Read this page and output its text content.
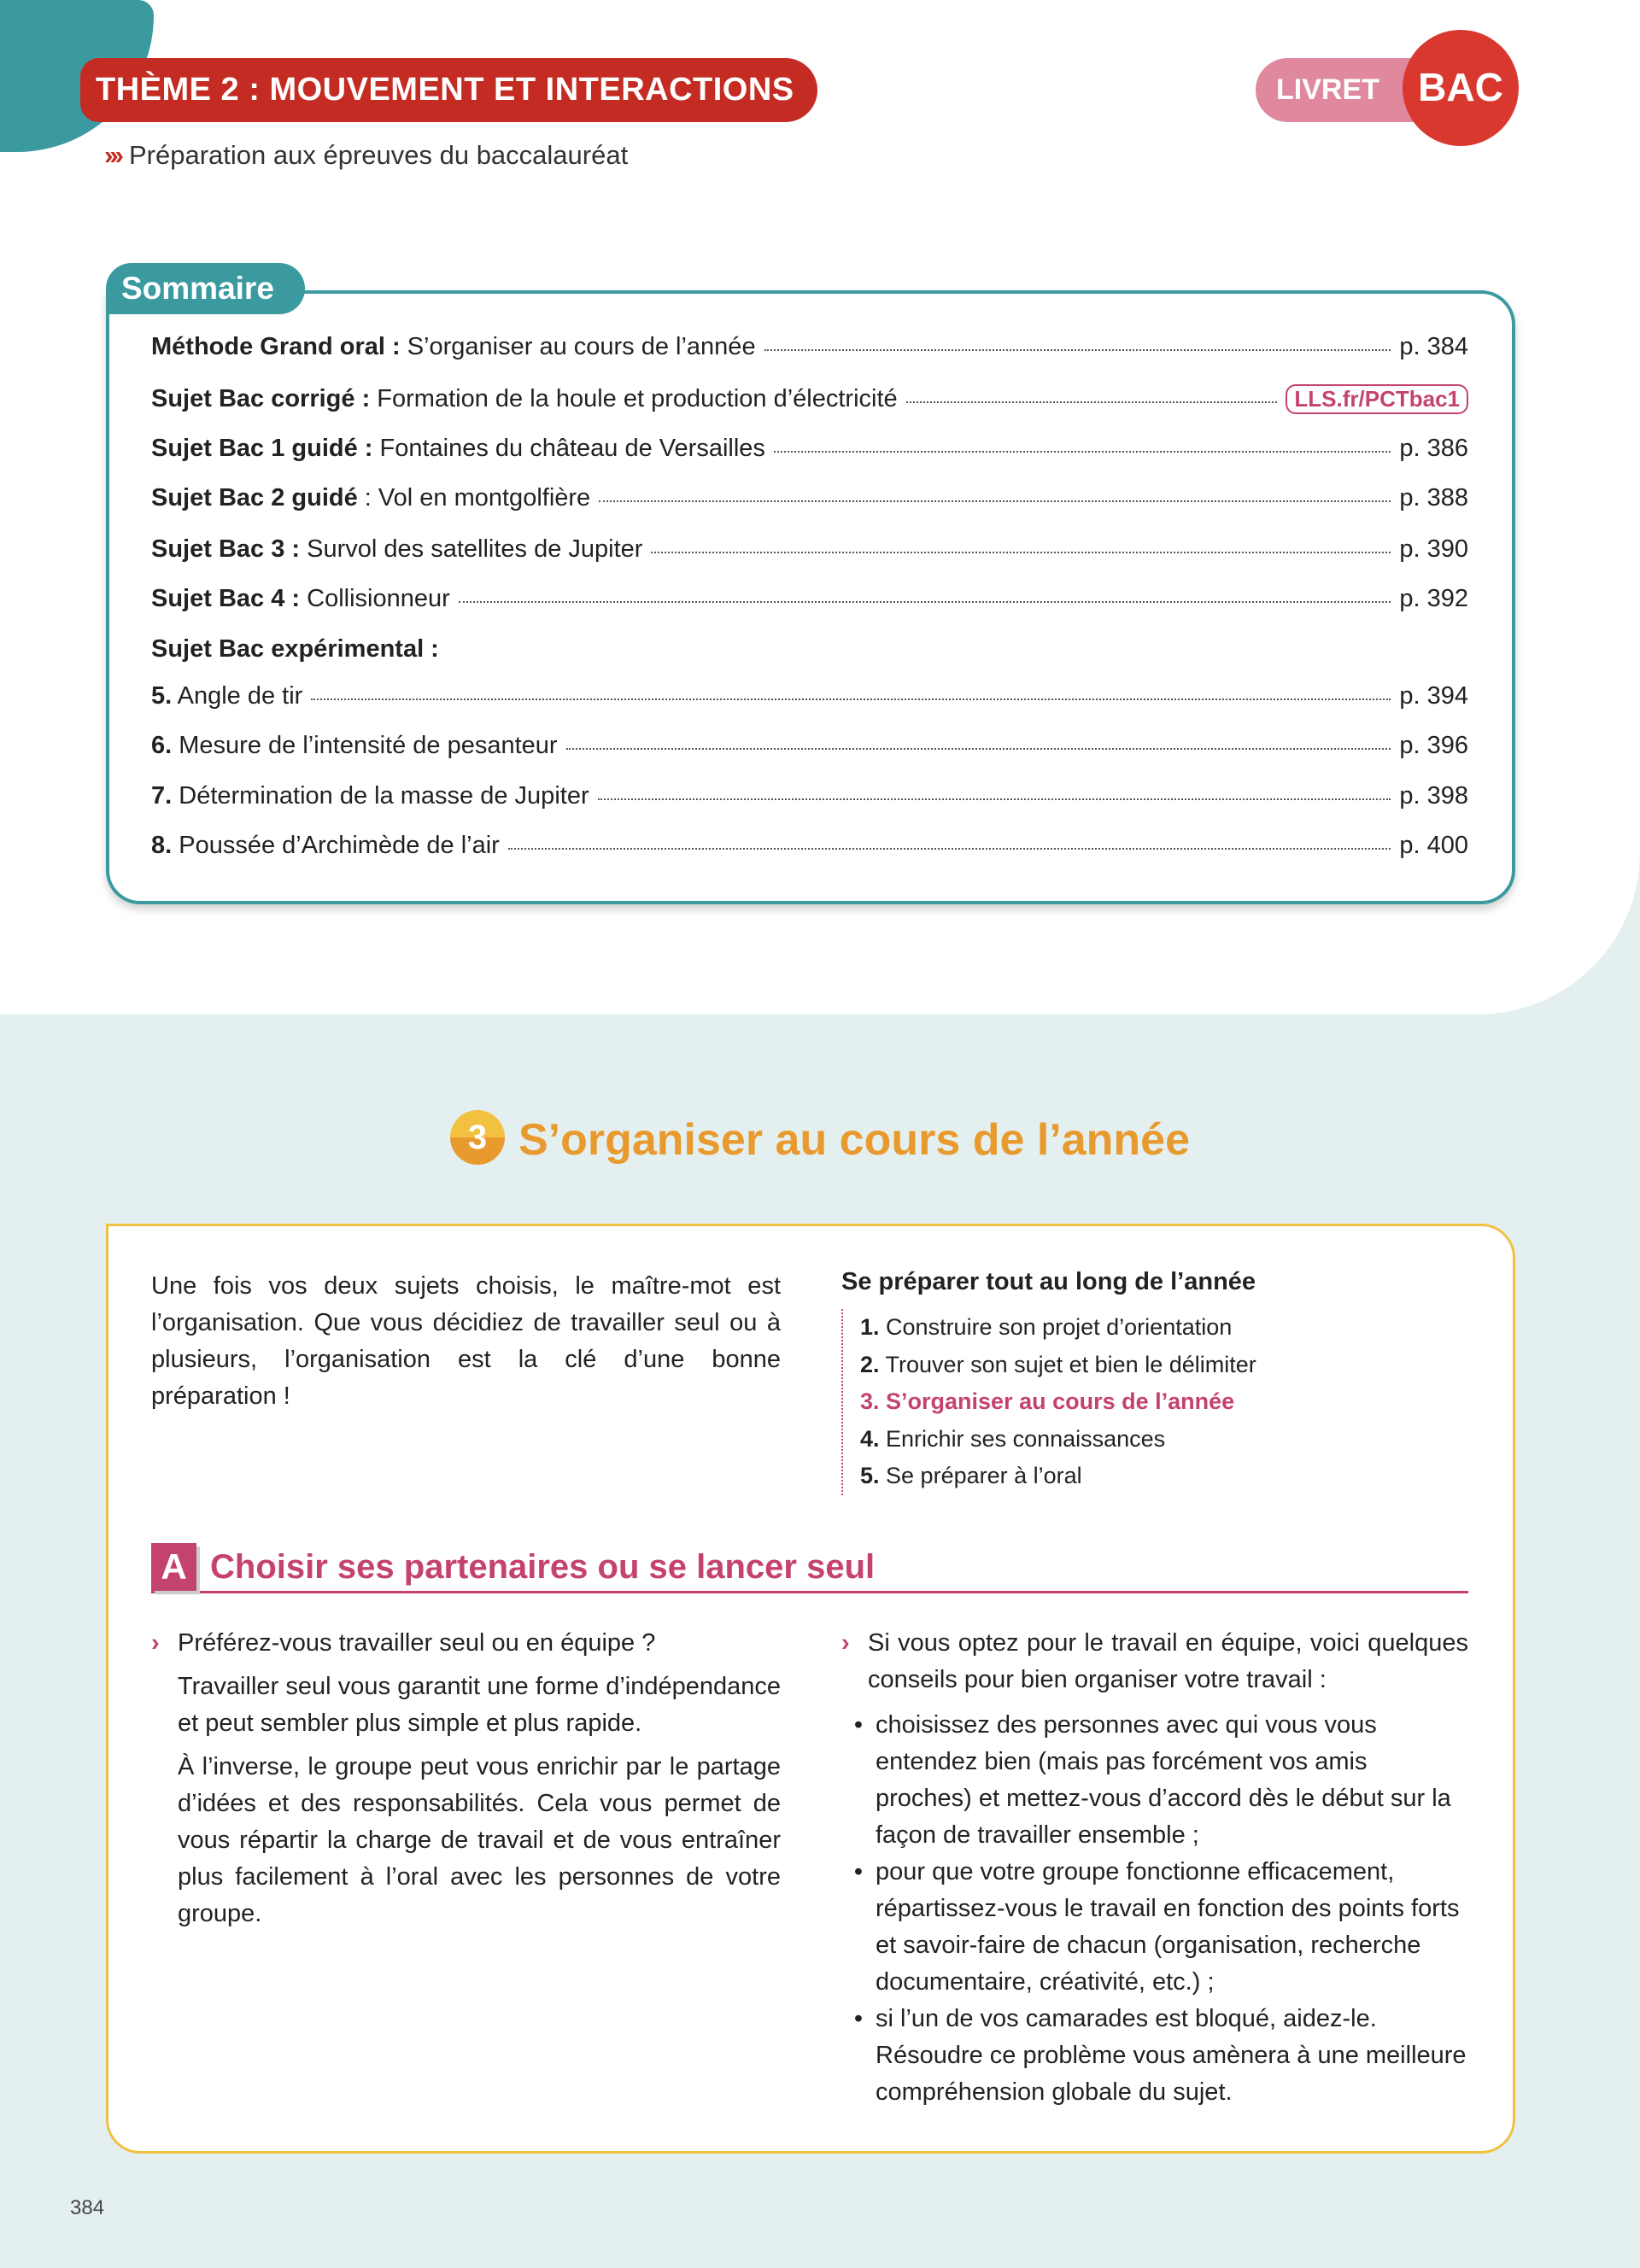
THÈME 2 : MOUVEMENT ET INTERACTIONS
››› Préparation aux épreuves du baccalauréat
LIVRET BAC
Sommaire
Méthode Grand oral : S’organiser au cours de l’année	p. 384
Sujet Bac corrigé : Formation de la houle et production d’électricité	LLS.fr/PCTbac1
Sujet Bac 1 guidé : Fontaines du château de Versailles	p. 386
Sujet Bac 2 guidé : Vol en montgolfière	p. 388
Sujet Bac 3 : Survol des satellites de Jupiter	p. 390
Sujet Bac 4 : Collisionneur	p. 392
Sujet Bac expérimental :
5. Angle de tir	p. 394
6. Mesure de l’intensité de pesanteur	p. 396
7. Détermination de la masse de Jupiter	p. 398
8. Poussée d’Archimède de l’air	p. 400
3 S’organiser au cours de l’année

Une fois vos deux sujets choisis, le maître-mot est l’organisation. Que vous décidiez de travailler seul ou à plusieurs, l’organisation est la clé d’une bonne préparation !

Se préparer tout au long de l’année
1. Construire son projet d’orientation
2. Trouver son sujet et bien le délimiter
3. S’organiser au cours de l’année
4. Enrichir ses connaissances
5. Se préparer à l’oral
A Choisir ses partenaires ou se lancer seul
› Préférez-vous travailler seul ou en équipe ?

Travailler seul vous garantit une forme d’indépendance et peut sembler plus simple et plus rapide.

À l’inverse, le groupe peut vous enrichir par le partage d’idées et des responsabilités. Cela vous permet de vous répartir la charge de travail et de vous entraîner plus facilement à l’oral avec les personnes de votre groupe.

› Si vous optez pour le travail en équipe, voici quelques conseils pour bien organiser votre travail :

• choisissez des personnes avec qui vous vous entendez bien (mais pas forcément vos amis proches) et mettez-vous d’accord dès le début sur la façon de travailler ensemble ;
• pour que votre groupe fonctionne efficacement, répartissez-vous le travail en fonction des points forts et savoir-faire de chacun (organisation, recherche documentaire, créativité, etc.) ;
• si l’un de vos camarades est bloqué, aidez-le. Résoudre ce problème vous amènera à une meilleure compréhension globale du sujet.
384
